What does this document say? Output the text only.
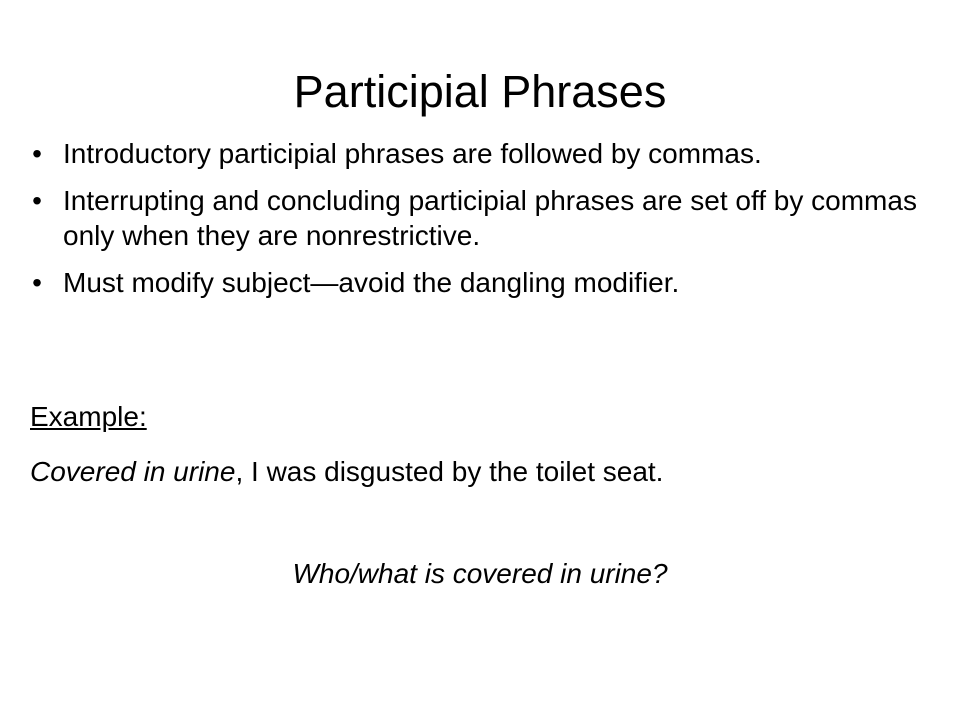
Participial Phrases
• Introductory participial phrases are followed by commas.
• Interrupting and concluding participial phrases are set off by commas only when they are nonrestrictive.
• Must modify subject—avoid the dangling modifier.
Example:
Covered in urine, I was disgusted by the toilet seat.
Who/what is covered in urine?
